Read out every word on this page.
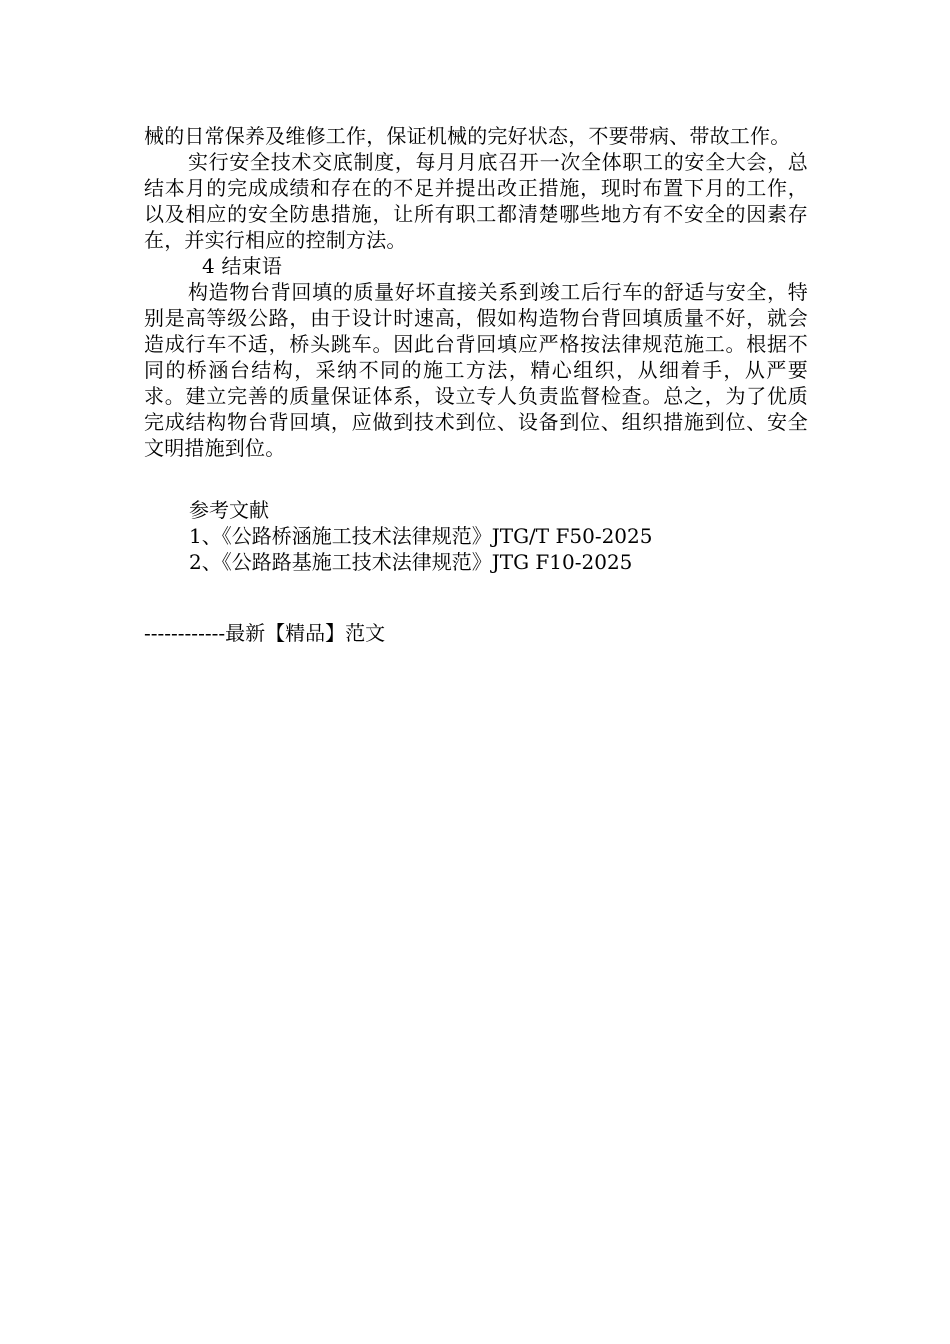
械的日常保养及维修工作，保证机械的完好状态，不要带病、带故工作。

实行安全技术交底制度，每月月底召开一次全体职工的安全大会，总结本月的完成成绩和存在的不足并提出改正措施，现时布置下月的工作，以及相应的安全防患措施，让所有职工都清楚哪些地方有不安全的因素存在，并实行相应的控制方法。

4 结束语

构造物台背回填的质量好坏直接关系到竣工后行车的舒适与安全，特别是高等级公路，由于设计时速高，假如构造物台背回填质量不好，就会造成行车不适，桥头跳车。因此台背回填应严格按法律规范施工。根据不同的桥涵台结构，采纳不同的施工方法，精心组织，从细着手，从严要求。建立完善的质量保证体系，设立专人负责监督检查。总之，为了优质完成结构物台背回填，应做到技术到位、设备到位、组织措施到位、安全文明措施到位。

参考文献
1、《公路桥涵施工技术法律规范》JTG/T F50-2025
2、《公路路基施工技术法律规范》JTG F10-2025
------------最新【精品】范文
